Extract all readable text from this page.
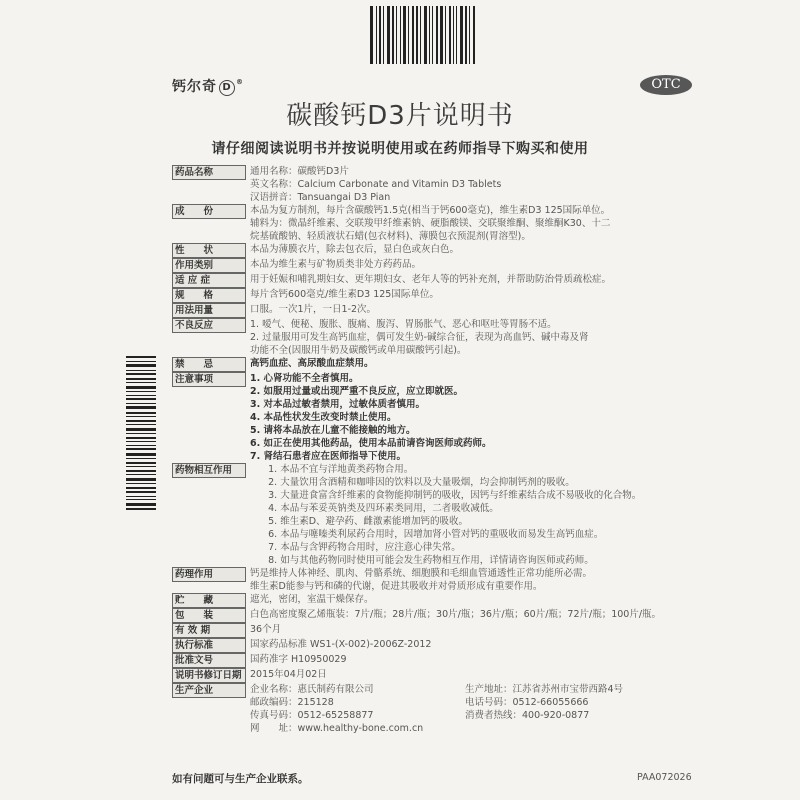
钙尔奇 D ®	OTC
碳酸钙D3片说明书
请仔细阅读说明书并按说明使用或在药师指导下购买和使用
药品名称	通用名称：碳酸钙D3片
英文名称：Calcium Carbonate and Vitamin D3 Tablets
汉语拼音：Tansuangai D3 Pian
成　　份	本品为复方制剂，每片含碳酸钙1.5克(相当于钙600毫克)，维生素D3 125国际单位。
辅料为：微晶纤维素、交联羧甲纤维素钠、硬脂酸镁、交联聚维酮、聚维酮K30、十二
烷基硫酸钠、轻质液状石蜡(包衣材料)、薄膜包衣预混剂(胃溶型)。
性　　状	本品为薄膜衣片，除去包衣后，显白色或灰白色。
作用类别	本品为维生素与矿物质类非处方药药品。
适 应 症	用于妊娠和哺乳期妇女、更年期妇女、老年人等的钙补充剂，并帮助防治骨质疏松症。
规　　格	每片含钙600毫克/维生素D3 125国际单位。
用法用量	口服。一次1片，一日1-2次。
不良反应	1. 嗳气、便秘、腹胀、腹痛、腹泻、胃肠胀气、恶心和呕吐等胃肠不适。
2. 过量服用可发生高钙血症，偶可发生奶-碱综合征，表现为高血钙、碱中毒及肾
功能不全(因服用牛奶及碳酸钙或单用碳酸钙引起)。
禁　　忌	高钙血症、高尿酸血症禁用。
注意事项	1. 心肾功能不全者慎用。
2. 如服用过量或出现严重不良反应，应立即就医。
3. 对本品过敏者禁用，过敏体质者慎用。
4. 本品性状发生改变时禁止使用。
5. 请将本品放在儿童不能接触的地方。
6. 如正在使用其他药品，使用本品前请咨询医师或药师。
7. 肾结石患者应在医师指导下使用。
药物相互作用	1. 本品不宜与洋地黄类药物合用。
2. 大量饮用含酒精和咖啡因的饮料以及大量吸烟，均会抑制钙剂的吸收。
3. 大量进食富含纤维素的食物能抑制钙的吸收，因钙与纤维素结合成不易吸收的化合物。
4. 本品与苯妥英钠类及四环素类同用，二者吸收减低。
5. 维生素D、避孕药、雌激素能增加钙的吸收。
6. 本品与噻嗪类利尿药合用时，因增加肾小管对钙的重吸收而易发生高钙血症。
7. 本品与含钾药物合用时，应注意心律失常。
8. 如与其他药物同时使用可能会发生药物相互作用，详情请咨询医师或药师。
药理作用	钙是维持人体神经、肌肉、骨骼系统、细胞膜和毛细血管通透性正常功能所必需。
维生素D能参与钙和磷的代谢，促进其吸收并对骨质形成有重要作用。
贮　　藏	遮光，密闭，室温干燥保存。
包　　装	白色高密度聚乙烯瓶装：7片/瓶；28片/瓶；30片/瓶；36片/瓶；60片/瓶；72片/瓶；100片/瓶。
有 效 期	36个月
执行标准	国家药品标准 WS1-(X-002)-2006Z-2012
批准文号	国药准字 H10950029
说明书修订日期 2015年04月02日
生产企业	企业名称：惠氏制药有限公司	生产地址：江苏省苏州市宝带西路4号
邮政编码：215128	电话号码：0512-66055666
传真号码：0512-65258877	消费者热线：400-920-0877
网　　址：www.healthy-bone.com.cn
如有问题可与生产企业联系。	PAA072026
